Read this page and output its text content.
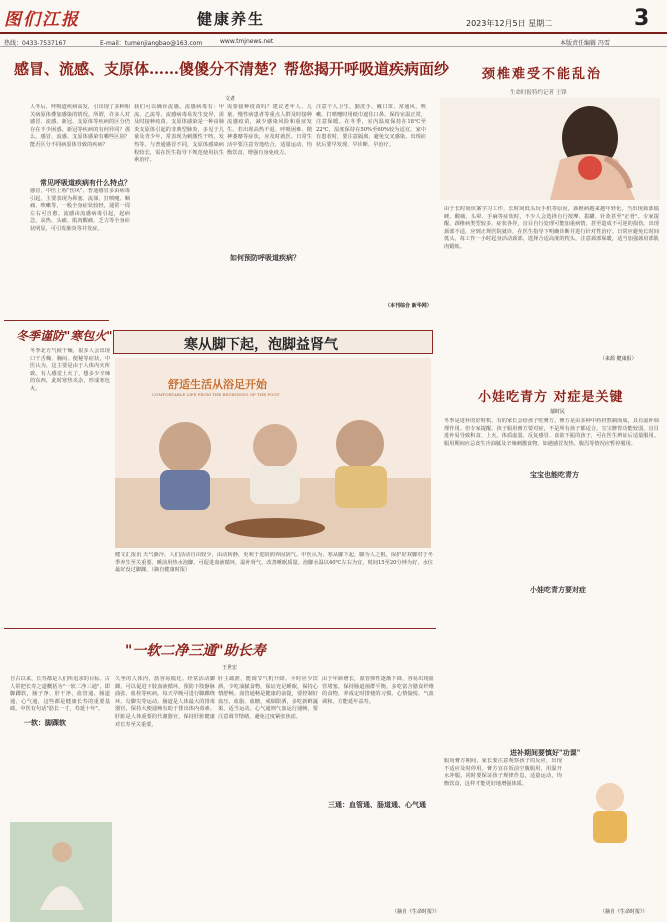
图们江报	健康养生	2023年12月5日 星期二	3
热线：0433-7537167	E-mail：tumenjiangbao@163.com	www.tmjnews.net	本版责任编辑 冯雪
感冒、流感、支原体……傻傻分不清楚？帮您揭开呼吸道疾病面纱
文者
人冬后，呼吸道疾病高发，引出现了多种相关病原体叠加感染的情况。所谓，许多人对感冒、流感、新冠、支原体等疾病的区分仍存在不少困惑。新冠等疾病的有何异同？那么，感冒、流感、支原体感染有哪些区别？能否区分不同病原体导致的疾病？
常见呼吸道疾病有什么特点？
感冒，中医上称"伤风"。普通感冒多由病毒引起，主要表现为鼻塞、流涕、打喷嚏、咽痛、咳嗽等，一般全身症状较轻，通常一周左右可自愈。流感由流感病毒引起，起病急，高热、头痛、肌肉酸痛、乏力等全身症状明显，可引发肺炎等并发症。
我们可以确诊流感。流感病毒有：甲流、乙流等。流感病毒易发生变异，需及时接种疫苗。支原体感染是一种由肺炎支原体引起的非典型肺炎，多见于儿童及青少年，常表现为刺激性干咳、发热等。与普通感冒不同，支原体感染病程较长，需在医生指导下规范使用抗生素治疗。
需要接种疫苗吗？建议老年人、儿童、慢性病患者等重点人群及时接种流感疫苗，减少感染风险和重症发生。若出现高热不退、呼吸困难、精神萎靡等症状，应及时就医。日常生活中要注意劳逸结合，适量运动，均衡饮食，增强自身免疫力。
如何预防呼吸道疾病？
注意个人卫生，勤洗手、戴口罩、常通风，咳嗽、打喷嚏时用纸巾遮住口鼻。保持室温正常，注意保暖。在冬季，室内温度保持在18℃至22℃，湿度保持在50%至60%较为适宜。家中有患者时，要注意隔离，避免交叉感染。出现症状后要早发现、早诊断、早治疗。
（本刊综合 新华网）
颈椎难受不能乱治
生命时报特约记者 王锋
由于长时间伏案学习工作，长时间低头玩手机等原因，颈椎病越来越年轻化。当出现颈部僵硬、酸痛、头晕、手麻等症状时，不少人会选择自行按摩、拔罐、针灸甚至"正骨"。专家提醒，颈椎病类型较多，症状各异，盲目自行处理可能加重病情，甚至造成不可逆的损伤。出现颈部不适，应到正规医院就诊，在医生指导下明确诊断并进行针对性治疗。日常应避免长时间低头，每工作一小时起身活动颈部，选择合适高度的枕头，注意颈部保暖，适当加强颈肩部肌肉锻炼。
（来源 健康报）
冬季谨防"寒包火"
冬季北方气候干燥，很多人会出现口干舌燥、胸闷、便秘等症状，中医认为，这主要是由于人体内火所致。有人感觉上火了，想多少辛辣的东西，此时寒热夹杂，形成寒包火。
寒从脚下起，泡脚益肾气
舒适生活从浴足开始
COMFORTABLE LIFE FROM THE BEGINNING OF THE FOOT
健文汇报讯 天气渐冷，人们活动自由较少，由动转静，更利于进阴润养固阴气。中医认为，寒从脚下起，脚为人之根，保护好双脚对于冬季养生至关重要。睡前用热水泡脚，可促进血液循环，温补肾气，改善睡眠质量。泡脚水温以40℃左右为宜，时间15至20分钟为好，水位最好没过脚踝。（摘自健康时报）
小娃吃青方 对症是关键
郁时民
宝宝也能吃青方
小娃吃青方要对症
冬季是进补的好时机，有的家长会给孩子吃膏方。膏方是由多种中药材熬制而成，具有滋补调理作用。但专家提醒，孩子服用膏方要对症，不是所有孩子都适合。宝宝脾胃功能较弱，盲目进补易导致积食、上火。体质虚弱、反复感冒、食欲不振的孩子，可在医生辨证后适量服用。服用期间应忌食生冷油腻及辛辣刺激食物，如遇感冒发热、腹泻等情况应暂停服用。
进补期间要慎好"功课"
服用膏方期间，家长要注意观察孩子的反应，出现不适应及时停用。膏方宜在饭前空腹服用，用温开水冲服。同时要保证孩子规律作息，适量运动，均衡饮食，这样才能更好地增强体质。
（摘自《生命时报》）
"一软二净三通"助长寿
王世宏
一软：脚踝软
自古以来，长寿都是人们所追求的目标。古人常把长寿之道概括为"一软二净三通"，即脚踝软，肠子净、肝干净，血管通、肠道通、心气通，这些都是健康长寿的重要基础。中医有句话"筋长一寸，寿延十年"。
久坐的人体内，筋容易僵化。经常活动脚踝，可以促进下肢血液循环，预防下肢静脉曲张、血栓等疾病。每天早晚可进行脚踝绕环、勾脚尖等运动。肠道是人体最大的排毒器官，保持大便通畅有助于排出体内毒素。肝脏是人体重要的代谢器官，保持肝脏健康对长寿至关重要。
肝主疏泄，能调节气机升降。平时应少饮酒，少吃油腻食物，保证充足睡眠，保持心情舒畅。血管通畅是健康的前提，要控制好血压、血脂、血糖，戒烟限酒，多吃新鲜蔬果，适当运动。心气通则气血运行通畅，要注意调节情绪，避免过度紧张焦虑。
三通：血管通、肠道通、心气通
由于年龄增长，血管弹性逐渐下降，容易出现血管堵塞。保持肠道菌群平衡，多吃富含膳食纤维的食物，养成定时排便的习惯。心情愉悦、气血调和，方能延年益寿。
（摘自《生命时报》）
